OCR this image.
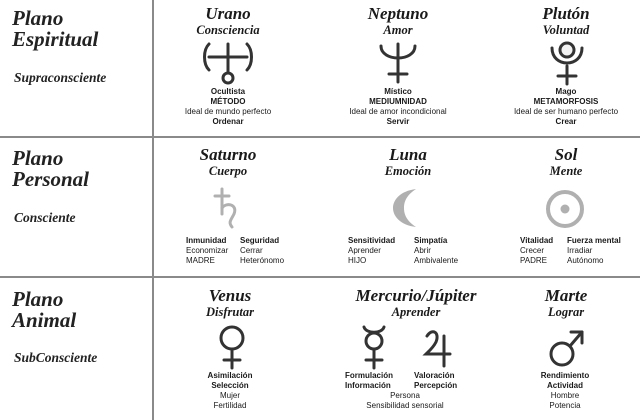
Plano
Espiritual
Supraconsciente
Plano
Personal
Consciente
Plano
Animal
SubConsciente
Urano
Consciencia
Ocultista
MÉTODO
Ideal de mundo perfecto
Ordenar
Neptuno
Amor
Místico
MEDIUMNIDAD
Ideal de amor incondicional
Servir
Plutón
Voluntad
Mago
METAMORFOSIS
Ideal de ser humano perfecto
Crear
Saturno
Cuerpo
Inmunidad
Economizar
MADRE
Seguridad
Cerrar
Heterónomo
Luna
Emoción
Sensitividad
Aprender
HIJO
Simpatía
Abrir
Ambivalente
Sol
Mente
Vitalidad
Crecer
PADRE
Fuerza mental
Irradiar
Autónomo
Venus
Disfrutar
Asimilación
Selección
Mujer
Fertilidad
Mercurio/Júpiter
Aprender
Formulación
Información
Valoración
Percepción
Persona
Sensibilidad sensorial
Marte
Lograr
Rendimiento
Actividad
Hombre
Potencia
